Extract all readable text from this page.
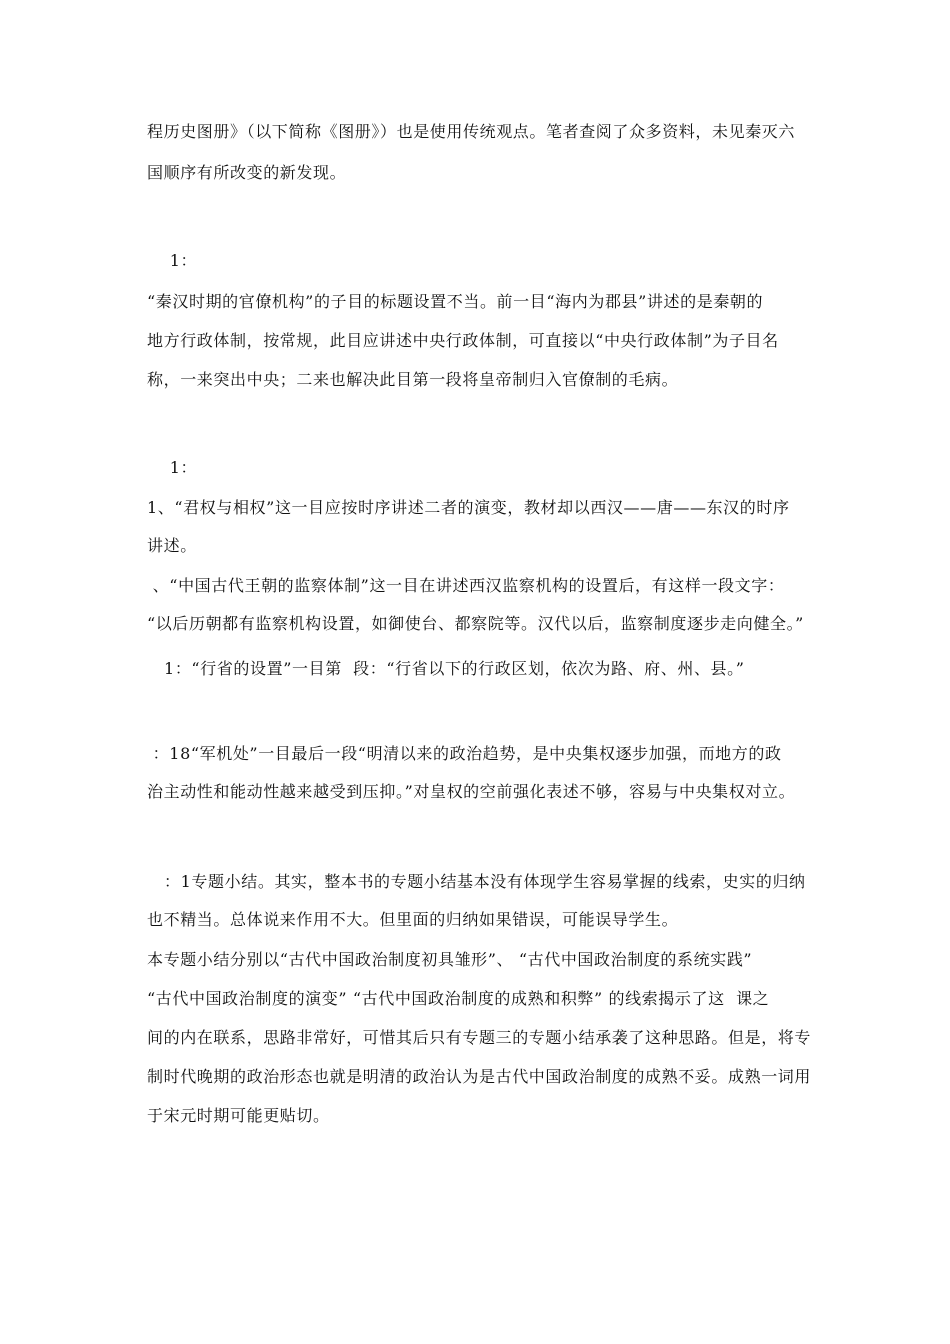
程历史图册》（以下简称《图册》）也是使用传统观点。笔者查阅了众多资料，未见秦灭六
国顺序有所改变的新发现。
1：
“秦汉时期的官僚机构”的子目的标题设置不当。前一目“海内为郡县”讲述的是秦朝的
地方行政体制，按常规，此目应讲述中央行政体制，可直接以“中央行政体制”为子目名
称，一来突出中央；二来也解决此目第一段将皇帝制归入官僚制的毛病。
1：
1、“君权与相权”这一目应按时序讲述二者的演变，教材却以西汉——唐——东汉的时序
讲述。
、“中国古代王朝的监察体制”这一目在讲述西汉监察机构的设置后，有这样一段文字：
“以后历朝都有监察机构设置，如御使台、都察院等。汉代以后，监察制度逐步走向健全。”
1：“行省的设置”一目第  段：“行省以下的行政区划，依次为路、府、州、县。”
：18“军机处”一目最后一段“明清以来的政治趋势，是中央集权逐步加强，而地方的政
治主动性和能动性越来越受到压抑。”对皇权的空前强化表述不够，容易与中央集权对立。
：1专题小结。其实，整本书的专题小结基本没有体现学生容易掌握的线索，史实的归纳
也不精当。总体说来作用不大。但里面的归纳如果错误，可能误导学生。
本专题小结分别以“古代中国政治制度初具雏形”、 “古代中国政治制度的系统实践”
“古代中国政治制度的演变” “古代中国政治制度的成熟和积弊” 的线索揭示了这  课之
间的内在联系，思路非常好，可惜其后只有专题三的专题小结承袭了这种思路。但是，将专
制时代晚期的政治形态也就是明清的政治认为是古代中国政治制度的成熟不妥。成熟一词用
于宋元时期可能更贴切。
